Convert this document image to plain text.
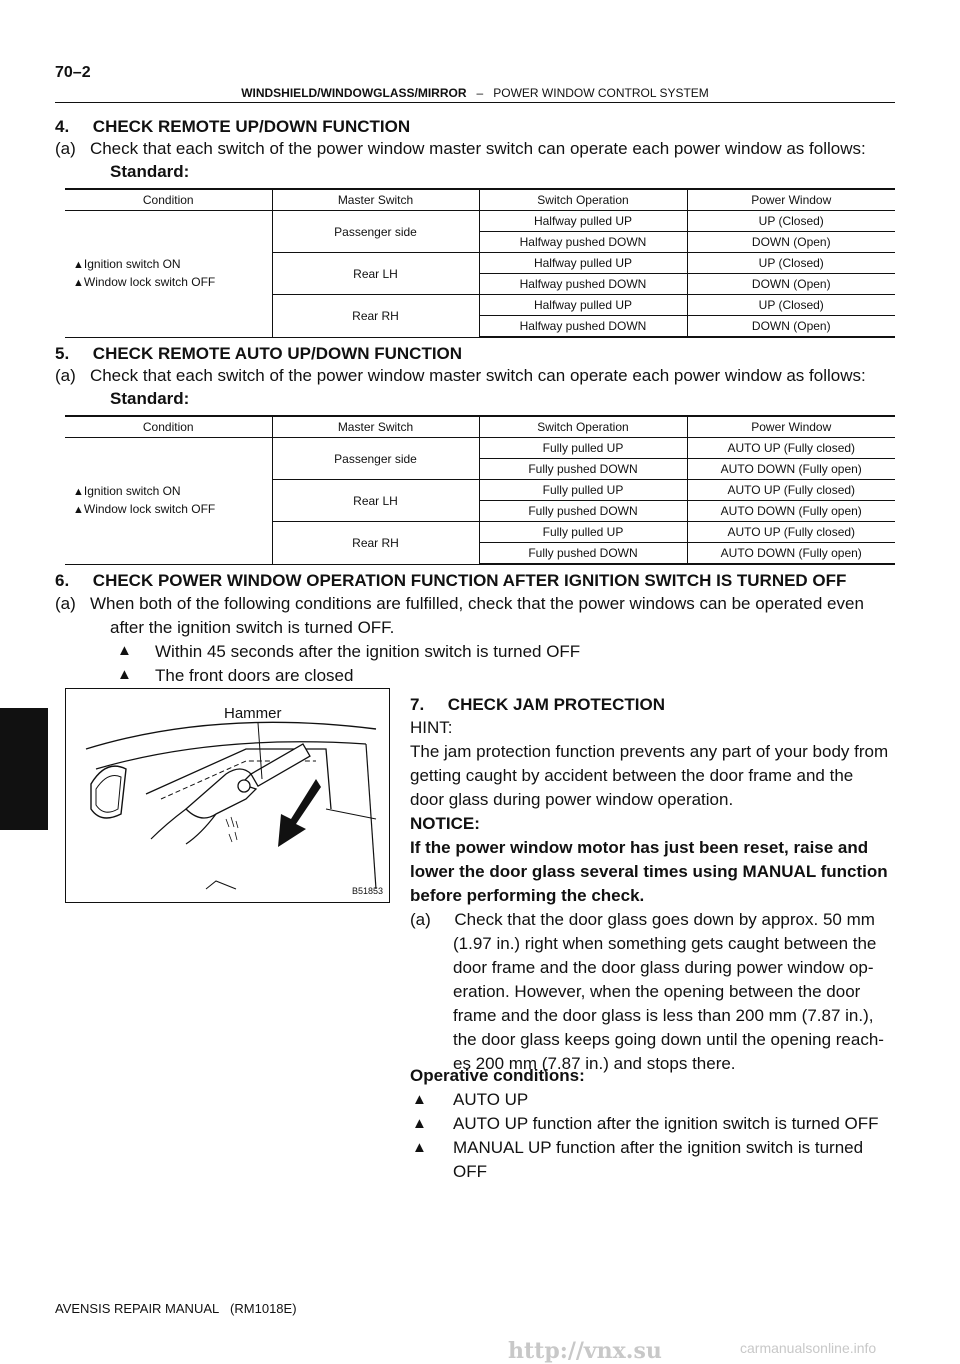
70–2
WINDSHIELD/WINDOWGLASS/MIRROR – POWER WINDOW CONTROL SYSTEM
4.     CHECK REMOTE UP/DOWN FUNCTION
(a)   Check that each switch of the power window master switch can operate each power window as follows:
Standard:
Condition	Master Switch	Switch Operation	Power Window

▲Ignition switch ON
▲Window lock switch OFF	Passenger side	Halfway pulled UP	UP (Closed)
		Halfway pushed DOWN	DOWN (Open)
	Rear LH	Halfway pulled UP	UP (Closed)
		Halfway pushed DOWN	DOWN (Open)
	Rear RH	Halfway pulled UP	UP (Closed)
		Halfway pushed DOWN	DOWN (Open)
5.     CHECK REMOTE AUTO UP/DOWN FUNCTION
(a)   Check that each switch of the power window master switch can operate each power window as follows:
Standard:
Condition	Master Switch	Switch Operation	Power Window

▲Ignition switch ON
▲Window lock switch OFF	Passenger side	Fully pulled UP	AUTO UP (Fully closed)
		Fully pushed DOWN	AUTO DOWN (Fully open)
	Rear LH	Fully pulled UP	AUTO UP (Fully closed)
		Fully pushed DOWN	AUTO DOWN (Fully open)
	Rear RH	Fully pulled UP	AUTO UP (Fully closed)
		Fully pushed DOWN	AUTO DOWN (Fully open)
6.     CHECK POWER WINDOW OPERATION FUNCTION AFTER IGNITION SWITCH IS TURNED OFF
(a)   When both of the following conditions are fulfilled, check that the power windows can be operated even
after the ignition switch is turned OFF.
▲ Within 45 seconds after the ignition switch is turned OFF
▲ The front doors are closed
Hammer
B51853
7.     CHECK JAM PROTECTION
HINT:
The jam protection function prevents any part of your body from
getting caught by accident between the door frame and the
door glass during power window operation.
NOTICE:
If the power window motor has just been reset, raise and
lower the door glass several times using MANUAL function
before performing the check.
(a)     Check that the door glass goes down by approx. 50 mm
(1.97 in.) right when something gets caught between the
door frame and the door glass during power window op-
eration. However, when the opening between the door
frame and the door glass is less than 200 mm (7.87 in.),
the door glass keeps going down until the opening reach-
es 200 mm (7.87 in.) and stops there.
Operative conditions:
▲ AUTO UP
▲ AUTO UP function after the ignition switch is turned OFF
▲ MANUAL UP function after the ignition switch is turned
OFF
AVENSIS REPAIR MANUAL   (RM1018E)
http://vnx.su	carmanualsonline.info
